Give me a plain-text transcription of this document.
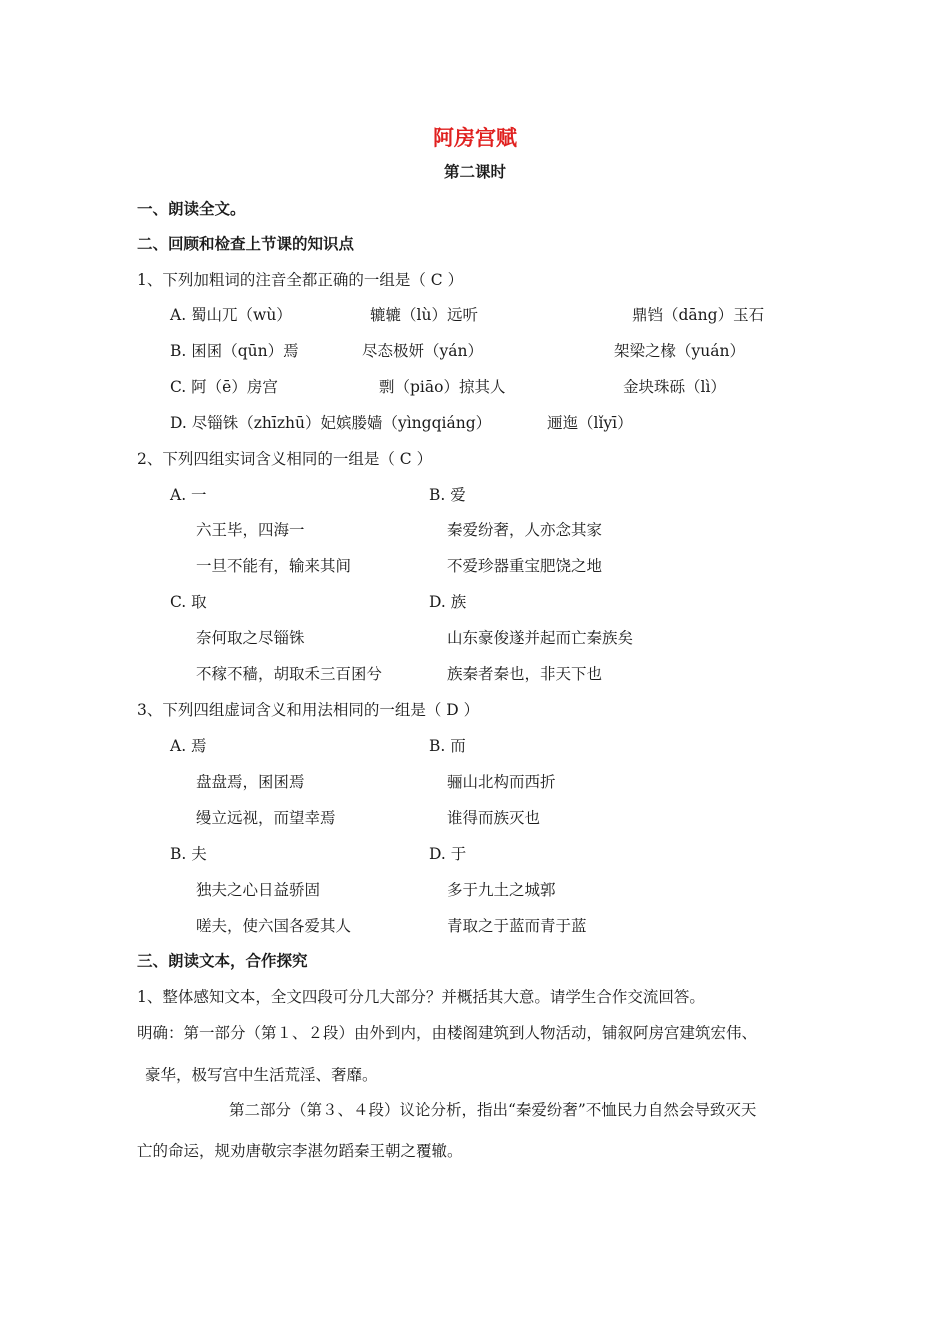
阿房宫赋
第二课时
一、朗读全文。
二、回顾和检查上节课的知识点
1、下列加粗词的注音全都正确的一组是（ C ）
A. 蜀山兀（wù）	辘辘（lù）远听	鼎铛（dāng）玉石
B. 囷囷（qūn）焉	尽态极妍（yán）	架梁之椽（yuán）
C. 阿（ē）房宫	剽（piāo）掠其人	金块珠砾（lì）
D. 尽锱铢（zhīzhū）妃嫔媵嫱（yìngqiáng）	逦迤（lǐyī）
2、下列四组实词含义相同的一组是（ C ）
A. 一	B. 爱
六王毕，四海一	秦爱纷奢，人亦念其家
一旦不能有，输来其间	不爱珍器重宝肥饶之地
C. 取	D. 族
奈何取之尽锱铢	山东豪俊遂并起而亡秦族矣
不稼不穑，胡取禾三百囷兮	族秦者秦也，非天下也
3、下列四组虚词含义和用法相同的一组是（ D ）
A. 焉	B. 而
盘盘焉，囷囷焉	骊山北构而西折
缦立远视，而望幸焉	谁得而族灭也
B. 夫	D. 于
独夫之心日益骄固	多于九土之城郭
嗟夫，使六国各爱其人	青取之于蓝而青于蓝
三、朗读文本，合作探究
1、整体感知文本，全文四段可分几大部分？并概括其大意。请学生合作交流回答。
明确：第一部分（第１、２段）由外到内，由楼阁建筑到人物活动，铺叙阿房宫建筑宏伟、
豪华，极写宫中生活荒淫、奢靡。
第二部分（第３、４段）议论分析，指出“秦爱纷奢”不恤民力自然会导致灭天
亡的命运，规劝唐敬宗李湛勿蹈秦王朝之覆辙。
